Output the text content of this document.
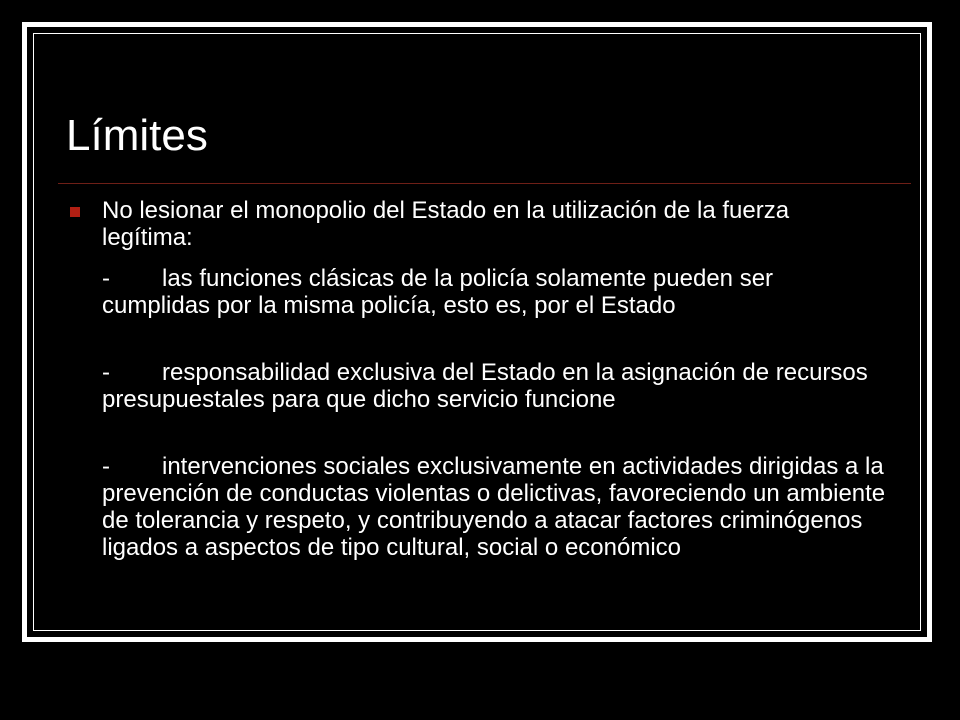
Límites
No lesionar el monopolio del Estado en la utilización de la fuerza legítima:
- las funciones clásicas de la policía solamente pueden ser cumplidas por la misma policía, esto es, por el Estado
- responsabilidad exclusiva del Estado en la asignación de recursos presupuestales para que dicho servicio funcione
- intervenciones sociales exclusivamente en actividades dirigidas a la prevención de conductas violentas o delictivas, favoreciendo un ambiente de tolerancia y respeto, y contribuyendo a atacar factores criminógenos ligados a aspectos de tipo cultural, social o económico
